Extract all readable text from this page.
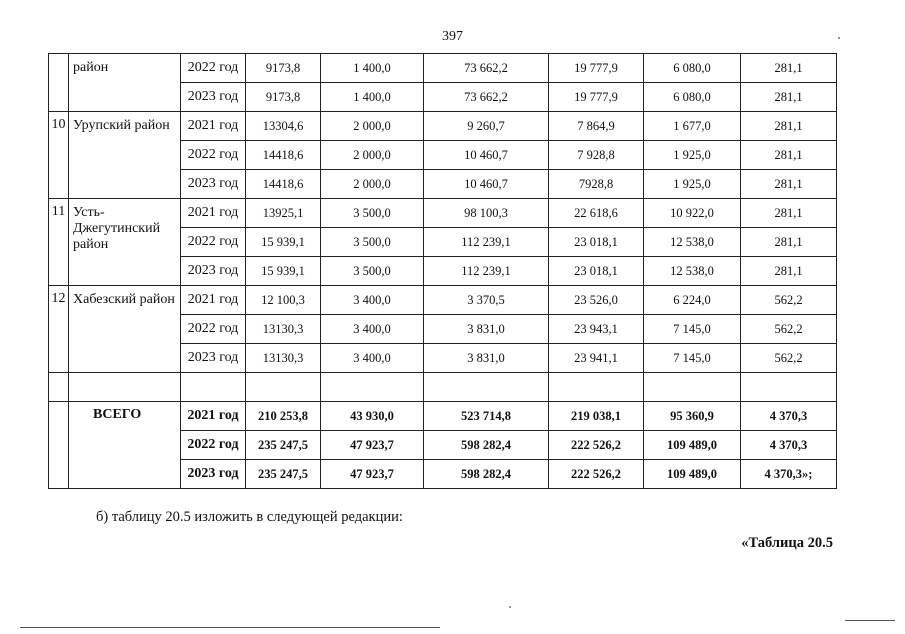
397
	район	2022 год	9173,8	1 400,0	73 662,2	19 777,9	6 080,0	281,1
		2023 год	9173,8	1 400,0	73 662,2	19 777,9	6 080,0	281,1
10	Урупский район	2021 год	13304,6	2 000,0	9 260,7	7 864,9	1 677,0	281,1
		2022 год	14418,6	2 000,0	10 460,7	7 928,8	1 925,0	281,1
		2023 год	14418,6	2 000,0	10 460,7	7928,8	1 925,0	281,1
11	Усть-Джегутинский район	2021 год	13925,1	3 500,0	98 100,3	22 618,6	10 922,0	281,1
		2022 год	15 939,1	3 500,0	112 239,1	23 018,1	12 538,0	281,1
		2023 год	15 939,1	3 500,0	112 239,1	23 018,1	12 538,0	281,1
12	Хабезский район	2021 год	12 100,3	3 400,0	3 370,5	23 526,0	6 224,0	562,2
		2022 год	13130,3	3 400,0	3 831,0	23 943,1	7 145,0	562,2
		2023 год	13130,3	3 400,0	3 831,0	23 941,1	7 145,0	562,2

	ВСЕГО	2021 год	210 253,8	43 930,0	523 714,8	219 038,1	95 360,9	4 370,3
		2022 год	235 247,5	47 923,7	598 282,4	222 526,2	109 489,0	4 370,3
		2023 год	235 247,5	47 923,7	598 282,4	222 526,2	109 489,0	4 370,3»;
б) таблицу 20.5 изложить в следующей редакции:
«Таблица 20.5
